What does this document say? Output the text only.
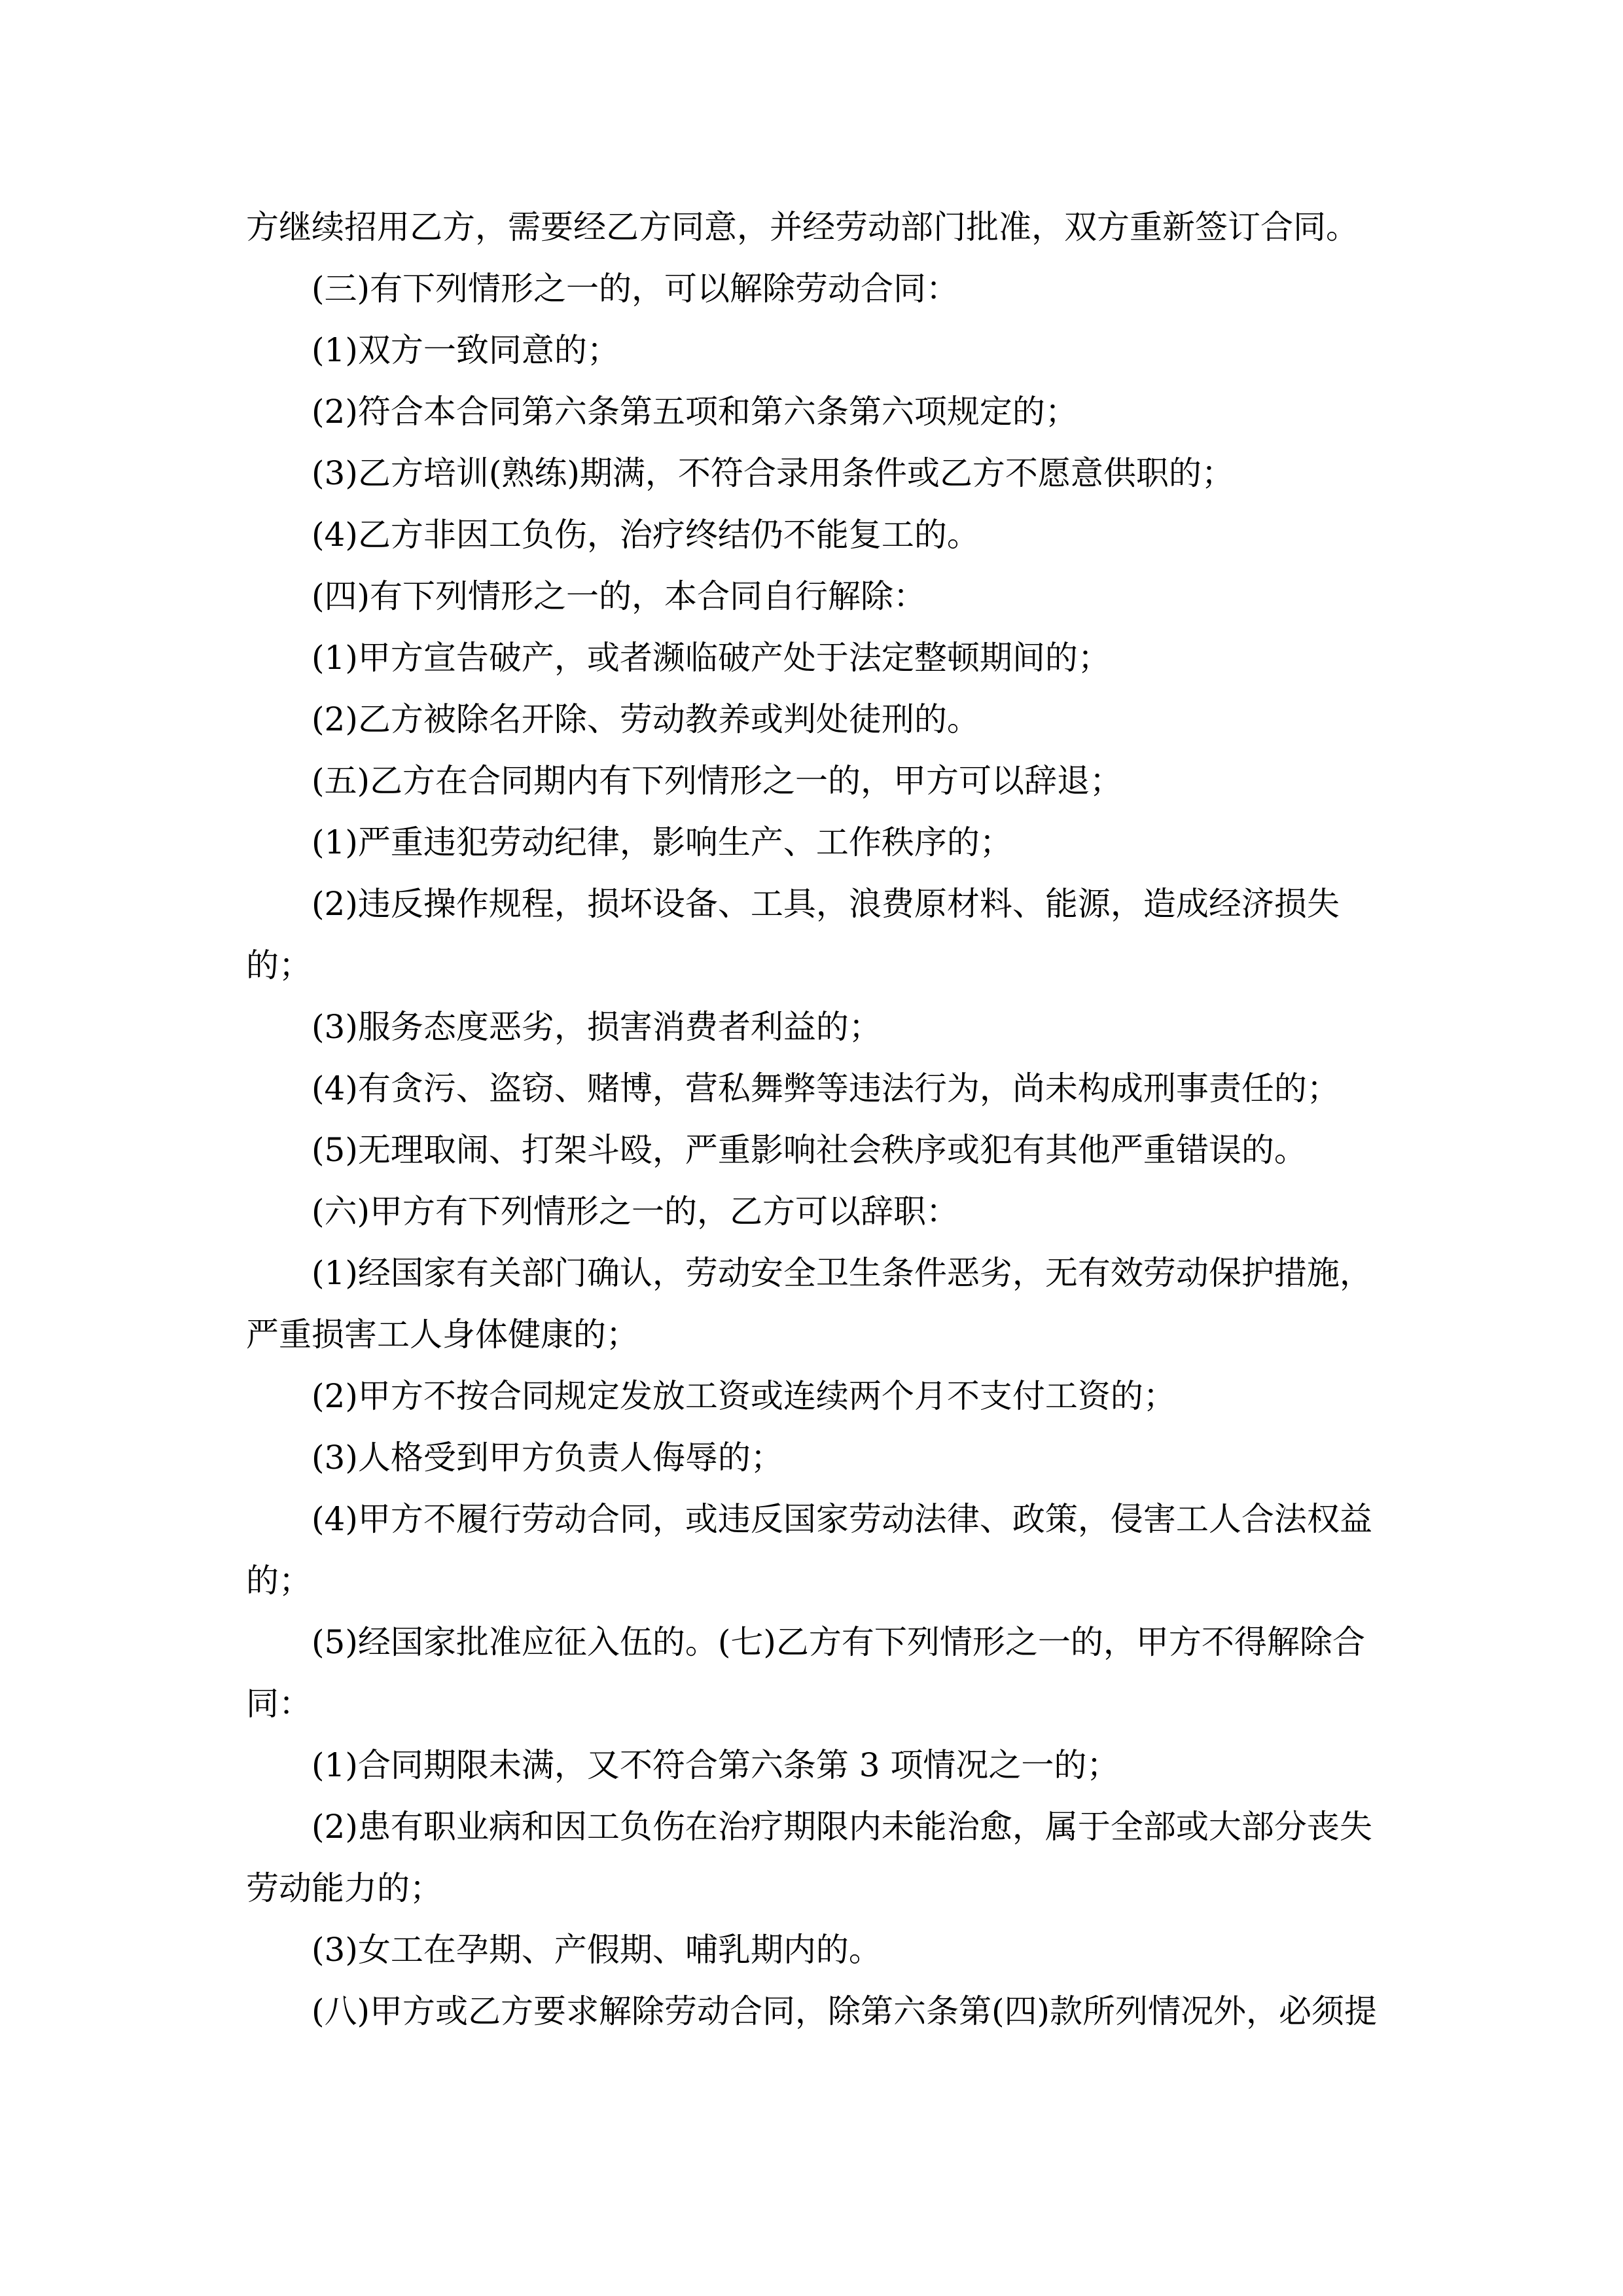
方继续招用乙方，需要经乙方同意，并经劳动部门批准，双方重新签订合同。

(三)有下列情形之一的，可以解除劳动合同：

(1)双方一致同意的；

(2)符合本合同第六条第五项和第六条第六项规定的；

(3)乙方培训(熟练)期满，不符合录用条件或乙方不愿意供职的；

(4)乙方非因工负伤，治疗终结仍不能复工的。

(四)有下列情形之一的，本合同自行解除：

(1)甲方宣告破产，或者濒临破产处于法定整顿期间的；

(2)乙方被除名开除、劳动教养或判处徒刑的。

(五)乙方在合同期内有下列情形之一的，甲方可以辞退；

(1)严重违犯劳动纪律，影响生产、工作秩序的；

(2)违反操作规程，损坏设备、工具，浪费原材料、能源，造成经济损失的；

(3)服务态度恶劣，损害消费者利益的；

(4)有贪污、盗窃、赌博，营私舞弊等违法行为，尚未构成刑事责任的；

(5)无理取闹、打架斗殴，严重影响社会秩序或犯有其他严重错误的。

(六)甲方有下列情形之一的，乙方可以辞职：

(1)经国家有关部门确认，劳动安全卫生条件恶劣，无有效劳动保护措施，严重损害工人身体健康的；

(2)甲方不按合同规定发放工资或连续两个月不支付工资的；

(3)人格受到甲方负责人侮辱的；

(4)甲方不履行劳动合同，或违反国家劳动法律、政策，侵害工人合法权益的；

(5)经国家批准应征入伍的。(七)乙方有下列情形之一的，甲方不得解除合同：

(1)合同期限未满，又不符合第六条第 3 项情况之一的；

(2)患有职业病和因工负伤在治疗期限内未能治愈，属于全部或大部分丧失劳动能力的；

(3)女工在孕期、产假期、哺乳期内的。

(八)甲方或乙方要求解除劳动合同，除第六条第(四)款所列情况外，必须提
